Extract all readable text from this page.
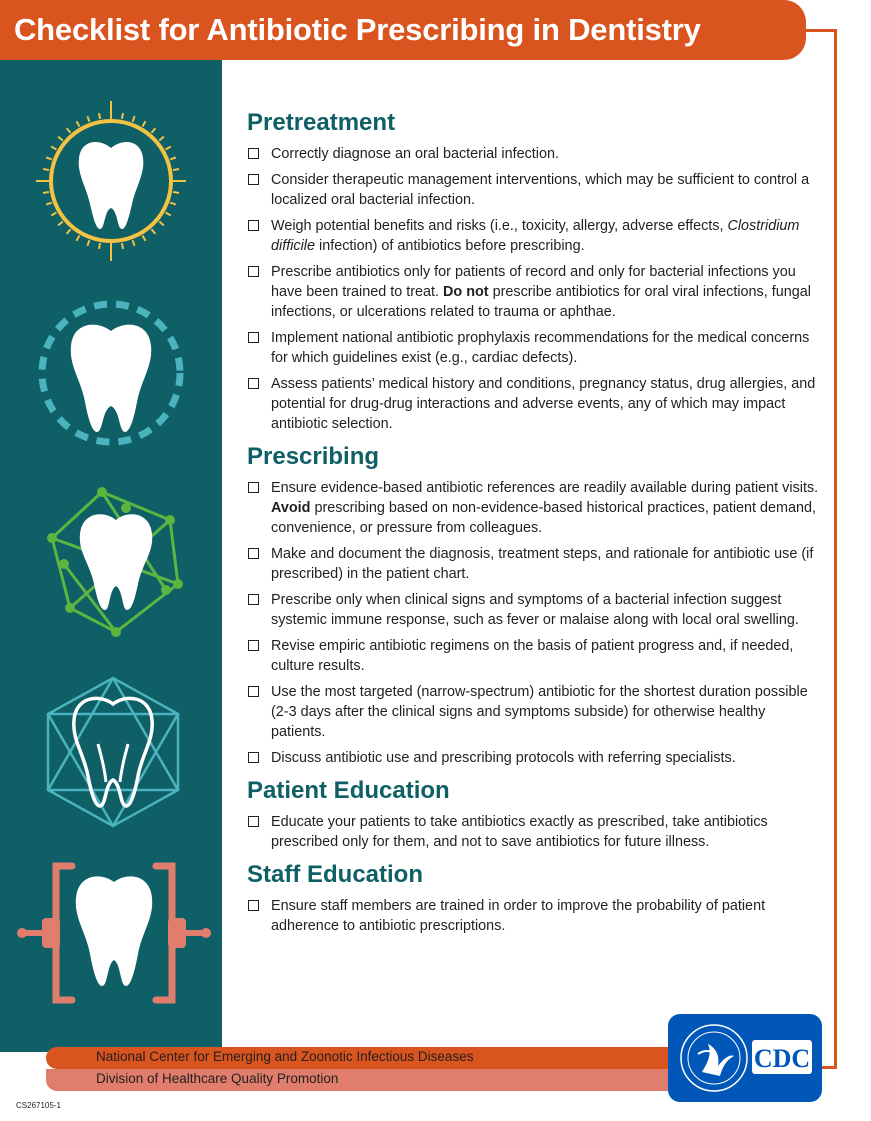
Checklist for Antibiotic Prescribing in Dentistry
Pretreatment
Correctly diagnose an oral bacterial infection.
Consider therapeutic management interventions, which may be sufficient to control a localized oral bacterial infection.
Weigh potential benefits and risks (i.e., toxicity, allergy, adverse effects, Clostridium difficile infection) of antibiotics before prescribing.
Prescribe antibiotics only for patients of record and only for bacterial infections you have been trained to treat. Do not prescribe antibiotics for oral viral infections, fungal infections, or ulcerations related to trauma or aphthae.
Implement national antibiotic prophylaxis recommendations for the medical concerns for which guidelines exist (e.g., cardiac defects).
Assess patients’ medical history and conditions, pregnancy status, drug allergies, and potential for drug-drug interactions and adverse events, any of which may impact antibiotic selection.
Prescribing
Ensure evidence-based antibiotic references are readily available during patient visits. Avoid prescribing based on non-evidence-based historical practices, patient demand, convenience, or pressure from colleagues.
Make and document the diagnosis, treatment steps, and rationale for antibiotic use (if prescribed) in the patient chart.
Prescribe only when clinical signs and symptoms of a bacterial infection suggest systemic immune response, such as fever or malaise along with local oral swelling.
Revise empiric antibiotic regimens on the basis of patient progress and, if needed, culture results.
Use the most targeted (narrow-spectrum) antibiotic for the shortest duration possible (2-3 days after the clinical signs and symptoms subside) for otherwise healthy patients.
Discuss antibiotic use and prescribing protocols with referring specialists.
Patient Education
Educate your patients to take antibiotics exactly as prescribed, take antibiotics prescribed only for them, and not to save antibiotics for future illness.
Staff Education
Ensure staff members are trained in order to improve the probability of patient adherence to antibiotic prescriptions.
National Center for Emerging and Zoonotic Infectious Diseases
Division of Healthcare Quality Promotion
CDC
CS267105-1
